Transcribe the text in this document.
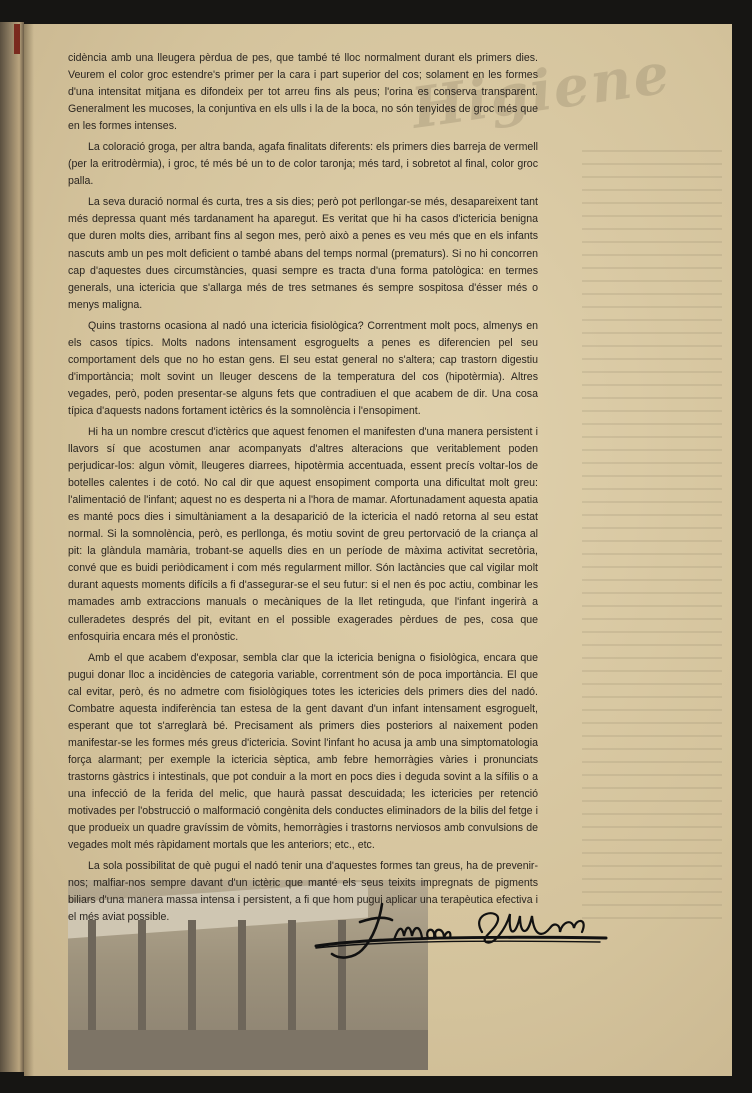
Higiene

cidència amb una lleugera pèrdua de pes, que també té lloc normalment durant els primers dies. Veurem el color groc estendre's primer per la cara i part superior del cos; solament en les formes d'una intensitat mitjana es difondeix per tot arreu fins als peus; l'orina es conserva transparent. Generalment les mucoses, la conjuntiva en els ulls i la de la boca, no són tenyides de groc més que en les formes intenses.

La coloració groga, per altra banda, agafa finalitats diferents: els primers dies barreja de vermell (per la eritrodèrmia), i groc, té més bé un to de color taronja; més tard, i sobretot al final, color groc palla.

La seva duració normal és curta, tres a sis dies; però pot perllongar-se més, desapareixent tant més depressa quant més tardanament ha aparegut. Es veritat que hi ha casos d'ictericia benigna que duren molts dies, arribant fins al segon mes, però això a penes es veu més que en els infants nascuts amb un pes molt deficient o també abans del temps normal (prematurs). Si no hi concorren cap d'aquestes dues circumstàncies, quasi sempre es tracta d'una forma patològica: en termes generals, una ictericia que s'allarga més de tres setmanes és sempre sospitosa d'ésser més o menys maligna.

Quins trastorns ocasiona al nadó una ictericia fisiològica? Correntment molt pocs, almenys en els casos típics. Molts nadons intensament esgroguelts a penes es diferencien pel seu comportament dels que no ho estan gens. El seu estat general no s'altera; cap trastorn digestiu d'importància; molt sovint un lleuger descens de la temperatura del cos (hipotèrmia). Altres vegades, però, poden presentar-se alguns fets que contradiuen el que acabem de dir. Una cosa típica d'aquests nadons fortament ictèrics és la somnolència i l'ensopiment.

Hi ha un nombre crescut d'ictèrics que aquest fenomen el manifesten d'una manera persistent i llavors sí que acostumen anar acompanyats d'altres alteracions que veritablement poden perjudicar-los: algun vòmit, lleugeres diarrees, hipotèrmia accentuada, essent precís voltar-los de botelles calentes i de cotó. No cal dir que aquest ensopiment comporta una dificultat molt greu: l'alimentació de l'infant; aquest no es desperta ni a l'hora de mamar. Afortunadament aquesta apatia es manté pocs dies i simultàniament a la desaparició de la ictericia el nadó retorna al seu estat normal. Si la somnolència, però, es perllonga, és motiu sovint de greu pertorvació de la criança al pit: la glàndula mamària, trobant-se aquells dies en un període de màxima activitat secretòria, convé que es buidi periòdicament i com més regularment millor. Són lactàncies que cal vigilar molt durant aquests moments difícils a fi d'assegurar-se el seu futur: si el nen és poc actiu, combinar les mamades amb extraccions manuals o mecàniques de la llet retinguda, que l'infant ingerirà a culleradetes després del pit, evitant en el possible exagerades pèrdues de pes, cosa que enfosquiria encara més el pronòstic.

Amb el que acabem d'exposar, sembla clar que la ictericia benigna o fisiològica, encara que pugui donar lloc a incidències de categoria variable, correntment són de poca importància. El que cal evitar, però, és no admetre com fisiològiques totes les ictericies dels primers dies del nadó. Combatre aquesta indiferència tan estesa de la gent davant d'un infant intensament esgroguelt, esperant que tot s'arreglarà bé. Precisament als primers dies posteriors al naixement poden manifestar-se les formes més greus d'ictericia. Sovint l'infant ho acusa ja amb una simptomatologia força alarmant; per exemple la ictericia sèptica, amb febre hemorràgies vàries i pronunciats trastorns gàstrics i intestinals, que pot conduir a la mort en pocs dies i deguda sovint a la sífilis o a una infecció de la ferida del melic, que haurà passat descuidada; les ictericies per retenció motivades per l'obstrucció o malformació congènita dels conductes eliminadors de la bilis del fetge i que produeix un quadre gravíssim de vòmits, hemorràgies i trastorns nerviosos amb convulsions de vegades molt més ràpidament mortals que les anteriors; etc., etc.

La sola possibilitat de què pugui el nadó tenir una d'aquestes formes tan greus, ha de prevenir-nos; malfiar-nos sempre davant d'un ictèric que manté els seus teixits impregnats de pigments biliars d'una manera massa intensa i persistent, a fi que hom pugui aplicar una terapèutica efectiva i el més aviat possible.
